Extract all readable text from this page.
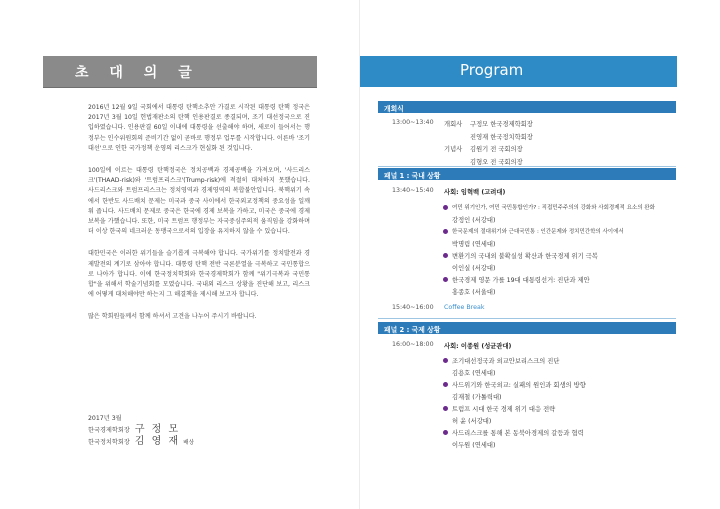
초 대 의 글

2016년 12월 9일 국회에서 대통령 탄핵소추안 가결로 시작된 대통령 탄핵 정국은 2017년 3월 10일 헌법재판소의 탄핵 인용판결로 종결되며, 조기 대선정국으로 진입하였습니다. 인용판결 60일 이내에 대통령을 선출해야 하며, 새로이 들어서는 행정부는 인수위원회의 준비기간 없이 곧바로 행정부 업무를 시작합니다. 이른바 '조기대선'으로 인한 국가정책 운영의 리스크가 현실화 된 것입니다.

100일에 이르는 대통령 탄핵정국은 정치공백과 경제공백을 가져오며, '사드리스크'(THAAD-risk)와 '트럼프리스크'(Trump-risk)에 적절히 대처하지 못했습니다. 사드리스크와 트럼프리스크는 정치영역과 경제영역의 복합불안입니다. 북핵위기 속에서 한반도 사드배치 문제는 미국과 중국 사이에서 한국외교정책의 중요성을 일깨워 줍니다. 사드배치 문제로 중국은 한국에 경제 보복을 가하고, 미국은 중국에 경제 보복을 가했습니다. 또한, 미국 트럼프 행정부는 자국중심주의적 움직임을 강화하며 더 이상 한국의 네크러운 동맹국으로서의 입장을 유지하지 않을 수 있습니다.

대한민국은 이러한 위기들을 슬기롭게 극복해야 합니다. 국가위기를 정치발전과 경제발전의 계기로 삼아야 합니다. 대통령 탄핵 전반 국론분열을 극복하고 국민통합으로 나아가 합니다. 이에 한국정치학회와 한국경제학회가 함께 "위기극복과 국민통합"을 위해서 학술기념회를 모였습니다. 국내외 리스크 상황을 진단해 보고, 리스크에 어떻게 대처해야만 하는지 그 해결책을 제시해 보고자 합니다.

많은 학회원들께서 함께 하셔서 고견을 나누어 주시기 바랍니다.

2017년 3월
한국경제학회장 구 정 모
한국정치학회장 김 영 재 배상
Program
개회식
13:00~13:40 개회사 구정모 한국경제학회장
진영재 한국정치학회장
기념사 김원기 전 국회의장
김형오 전 국회의장
패널 1 : 국내 상황
13:40~15:40 사회: 임혁백 (고려대)
여민 위기인가, 여민 국민통합인가? : 직접민주주의의 강화와 사회경제적 요소의 완화
강정인 (서강대)
한국문제의 절대위기와 근대국민통 : 인간문제와 정치민간학의 사이에서
박명림 (연세대)
변환기의 국내외 불확실성 확산과 한국경제 위기 극복
이인실 (서강대)
한국경제 영문 가를 19대 대통령선거: 진단과 제안
홍종호 (서울대)
15:40~16:00 Coffee Break
패널 2 : 국제 상황
16:00~18:00 사회: 이종원 (성균관대)
조기대선정국과 외교안보리스크의 진단
김용호 (연세대)
사드위기와 한국외교: 실패의 원인과 회생의 방향
김재철 (가톨릭대)
트럼프 시대 한국 경제 위기 대응 전략
허 윤 (서강대)
사드리스크를 통해 본 동북아경제의 갈등과 협력
이두원 (연세대)
